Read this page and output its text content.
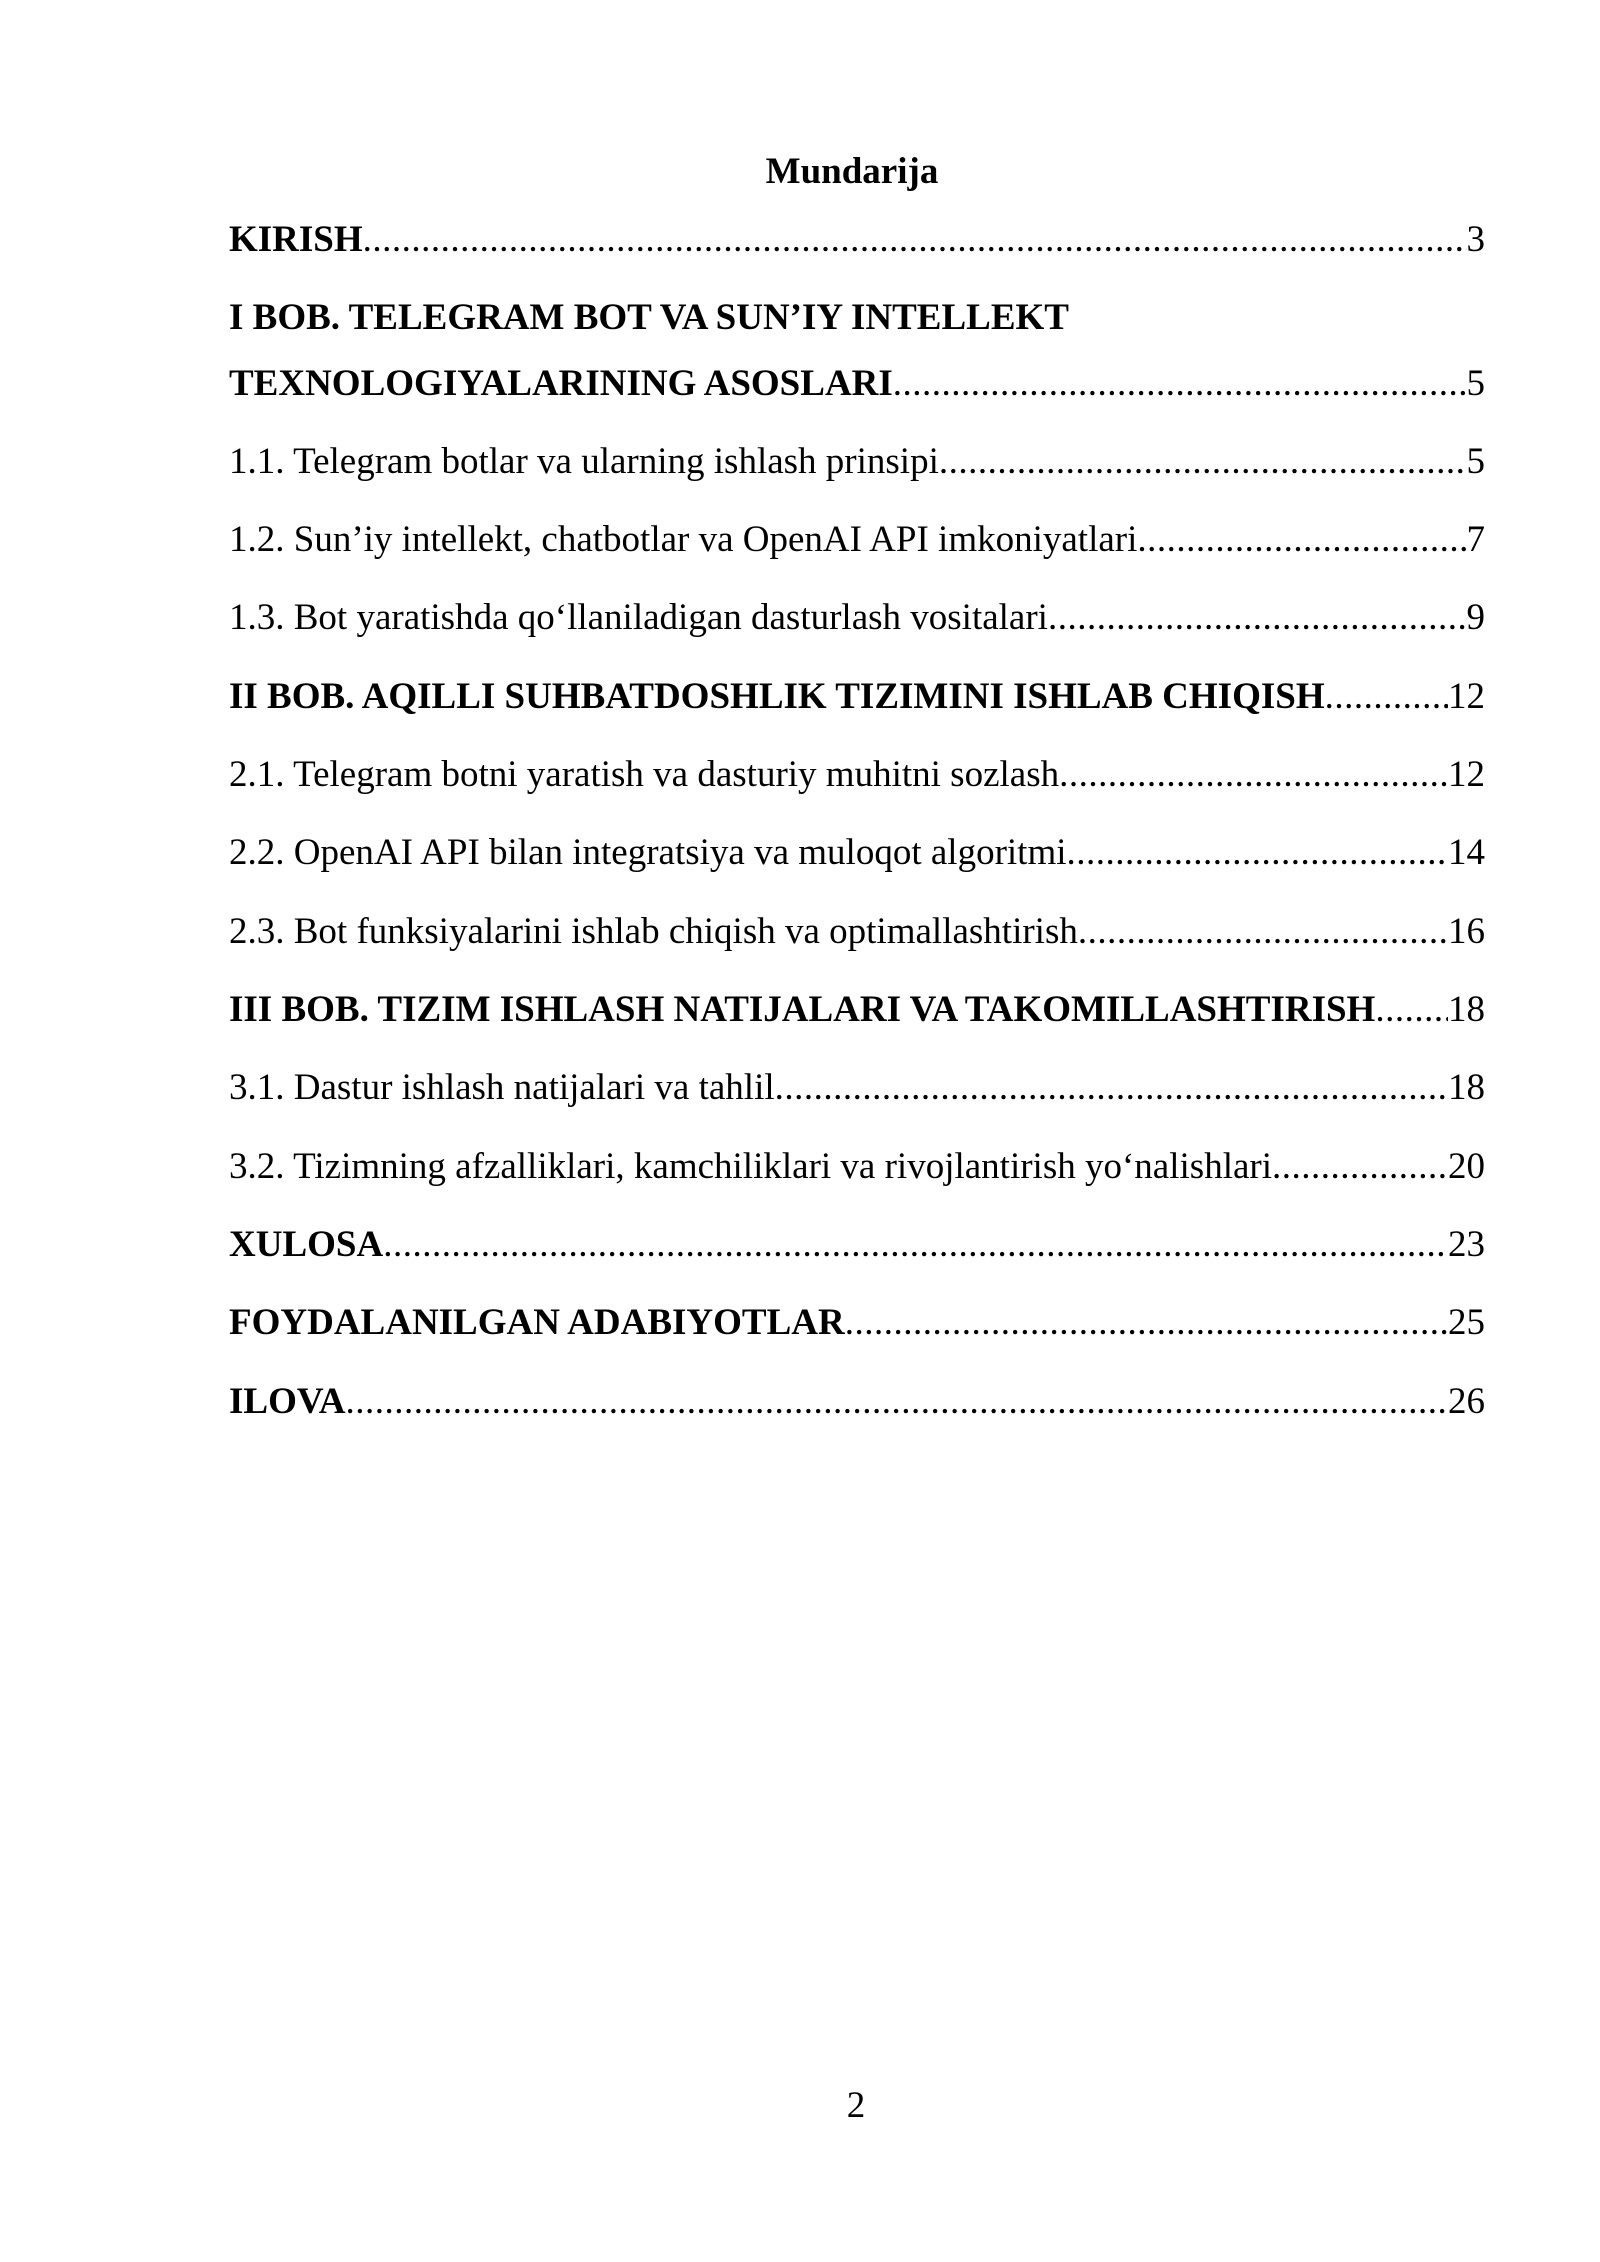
Mundarija
KIRISH .....	3
I BOB. TELEGRAM BOT VA SUN’IY INTELLEKT
TEXNOLOGIYALARINING ASOSLARI .....	5
1.1. Telegram botlar va ularning ishlash prinsipi .....	5
1.2. Sun’iy intellekt, chatbotlar va OpenAI API imkoniyatlari .....	7
1.3. Bot yaratishda qo‘llaniladigan dasturlash vositalari .....	9
II BOB. AQILLI SUHBATDOSHLIK TIZIMINI ISHLAB CHIQISH .....	12
2.1. Telegram botni yaratish va dasturiy muhitni sozlash .....	12
2.2. OpenAI API bilan integratsiya va muloqot algoritmi .....	14
2.3. Bot funksiyalarini ishlab chiqish va optimallashtirish .....	16
III BOB. TIZIM ISHLASH NATIJALARI VA TAKOMILLASHTIRISH ..... 18
3.1. Dastur ishlash natijalari va tahlil .....	18
3.2. Tizimning afzalliklari, kamchiliklari va rivojlantirish yo‘nalishlari .....	20
XULOSA .....	23
FOYDALANILGAN ADABIYOTLAR .....	25
ILOVA .....	26
2
